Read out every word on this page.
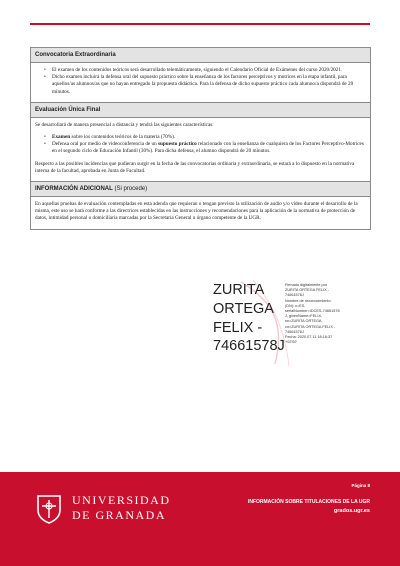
Convocatoria Extraordinaria
• El examen de los contenidos teóricos será desarrollado telemáticamente, siguiendo el Calendario Oficial de Exámenes del curso 2020/2021.
• Dicho examen incluirá la defensa oral del supuesto práctico sobre la enseñanza de los factores perceptivos y motrices en la etapa infantil, para aquellos/as alumnos/as que no hayan entregado la propuesta didáctica. Para la defensa de dicho supuesto práctico cada alumno/a dispondrá de 20 minutos.
Evaluación Única Final

Se desarrollará de manera presencial a distancia y tendrá las siguientes características:

• Examen sobre los contenidos teóricos de la materia (70%).
• Defensa oral por medio de videoconferencia de un supuesto práctico relacionado con la enseñanza de cualquiera de los Factores Perceptivo-Motrices en el segundo ciclo de Educación Infantil (30%). Para dicha defensa, el alumno dispondrá de 20 minutos.

Respecto a las posibles incidencias que pudieran surgir en la fecha de las convocatorias ordinaria y extraordinaria, se estará a lo dispuesto en la normativa interna de la facultad, aprobada en Junta de Facultad.

INFORMACIÓN ADICIONAL (Si procede)

En aquellas pruebas de evaluación contempladas en esta adenda que requieran o tengan previsto la utilización de audio y/o vídeo durante el desarrollo de la misma, este uso se hará conforme a las directrices establecidas en las instrucciones y recomendaciones para la aplicación de la normativa de protección de datos, intimidad personal o domiciliaria marcadas por la Secretaría General u órgano competente de la UGR.

ZURITA
ORTEGA
FELIX -
74661578J
Firmado digitalmente por
ZURITA ORTEGA FELIX -
74661578J
Nombre de reconocimiento
(DN): c=ES,
serialNumber=IDCES-74661578
J, givenName=FELIX,
sn=ZURITA ORTEGA,
cn=ZURITA ORTEGA FELIX -
74661578J
Fecha: 2020.07.11 18:16:37
+02'00'
UNIVERSIDAD
DE GRANADA
Página 8
INFORMACIÓN SOBRE TITULACIONES DE LA UGR
grados.ugr.es
